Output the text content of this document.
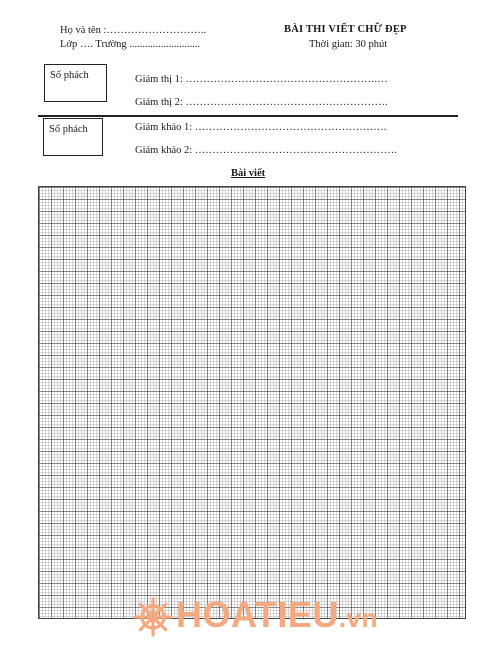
Họ và tên :………………………..
Lớp …. Trường ...........................
BÀI THI VIẾT CHỮ ĐẸP
Thời gian: 30 phút
Số phách	Giám thị 1: ……………………………………………….…
Giám thị 2: ………………………………………………….
Số phách	Giám khảo 1: ……………………………………………….
Giám khảo 2: ………………………………………………….
Bài viết
HOATIEU.vn
